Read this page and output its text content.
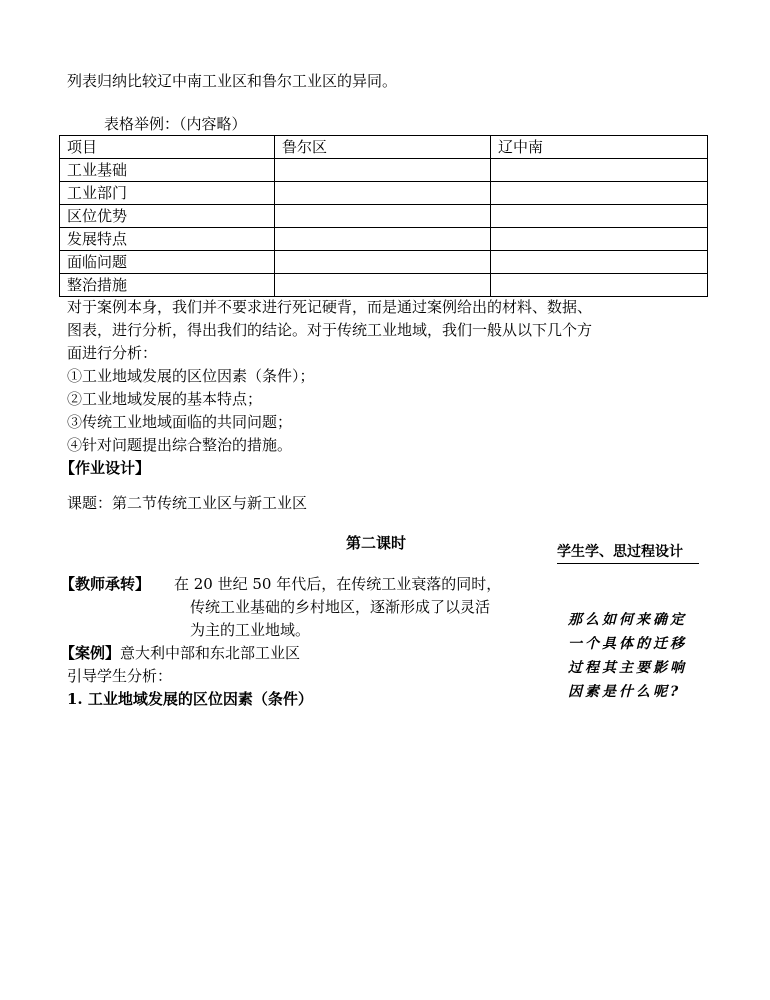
列表归纳比较辽中南工业区和鲁尔工业区的异同。
表格举例：（内容略）
项目	鲁尔区	辽中南
工业基础		
工业部门		
区位优势		
发展特点		
面临问题		
整治措施		
对于案例本身，我们并不要求进行死记硬背，而是通过案例给出的材料、数据、
图表，进行分析，得出我们的结论。对于传统工业地域，我们一般从以下几个方
面进行分析：
①工业地域发展的区位因素（条件）；
②工业地域发展的基本特点；
③传统工业地域面临的共同问题；
④针对问题提出综合整治的措施。
【作业设计】
课题：第二节传统工业区与新工业区
第二课时	学生学、思过程设计
【教师承转】 在 20 世纪 50 年代后，在传统工业衰落的同时，
传统工业基础的乡村地区，逐渐形成了以灵活
为主的工业地域。
【案例】意大利中部和东北部工业区
引导学生分析：
1. 工业地域发展的区位因素（条件）
那么如何来确定
一个具体的迁移
过程其主要影响
因素是什么呢?
